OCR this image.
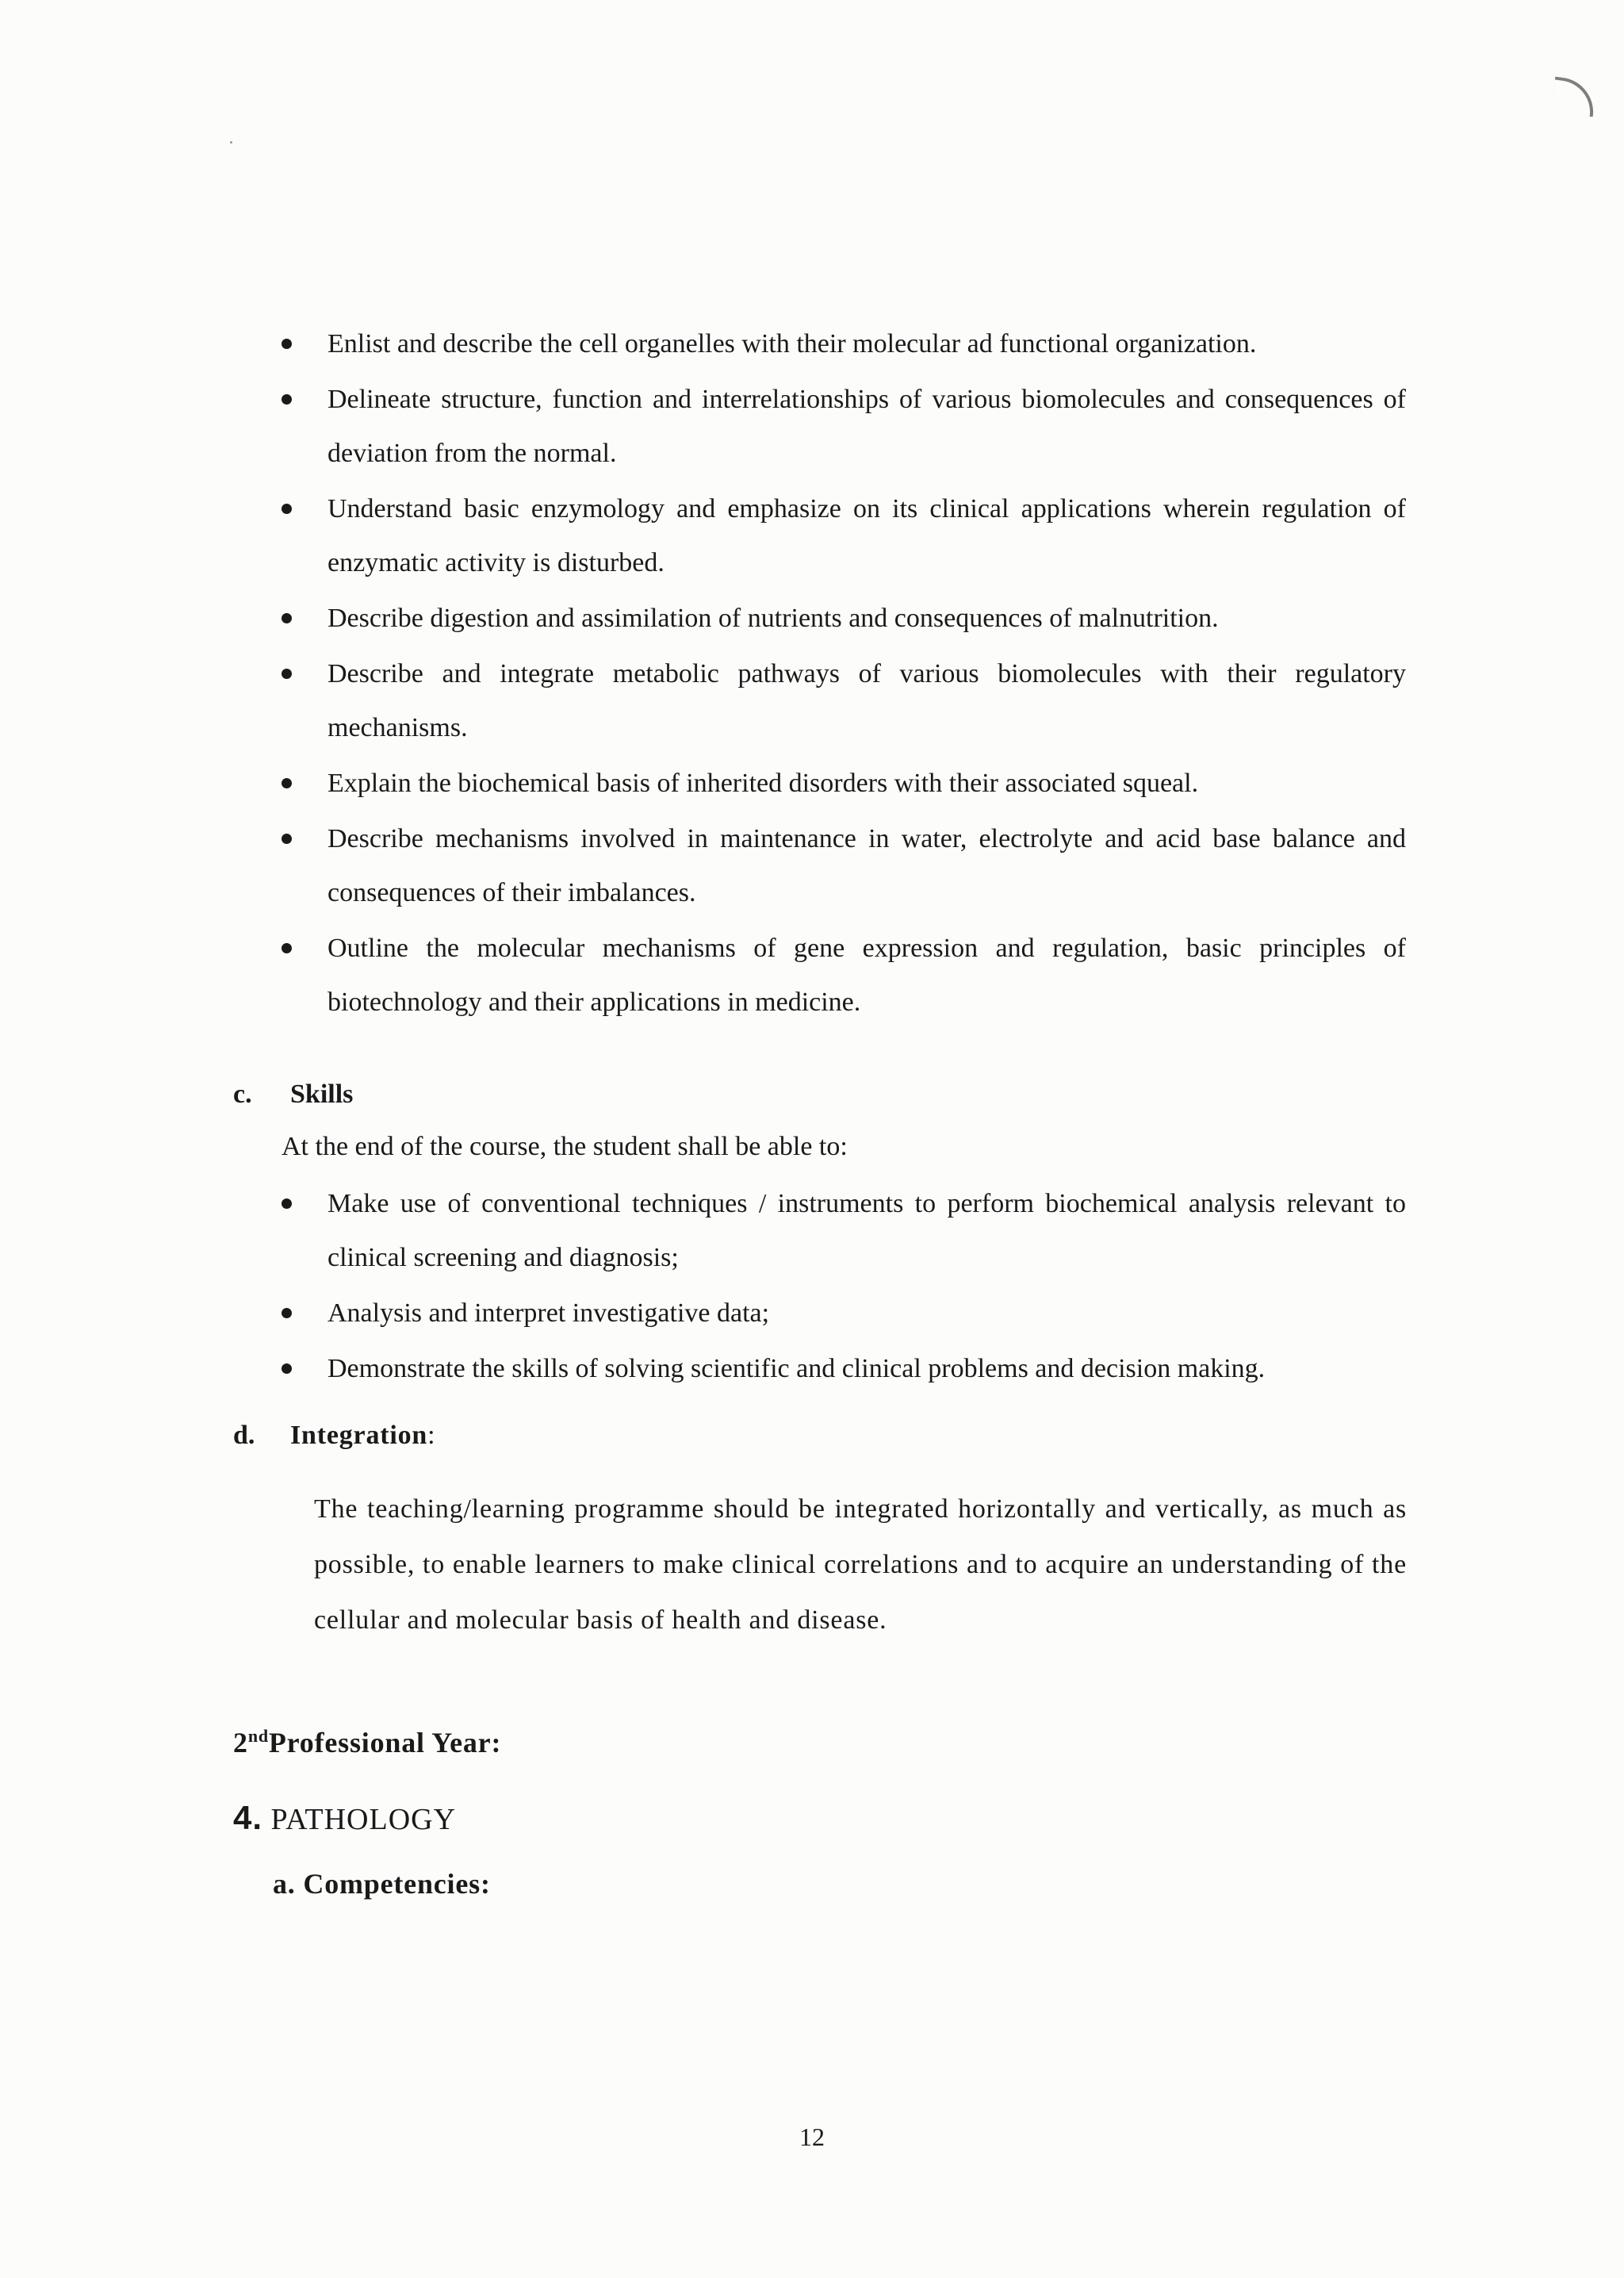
Enlist and describe the cell organelles with their molecular ad functional organization.
Delineate structure, function and interrelationships of various biomolecules and consequences of deviation from the normal.
Understand basic enzymology and emphasize on its clinical applications wherein regulation of enzymatic activity is disturbed.
Describe digestion and assimilation of nutrients and consequences of malnutrition.
Describe and integrate metabolic pathways of various biomolecules with their regulatory mechanisms.
Explain the biochemical basis of inherited disorders with their associated squeal.
Describe mechanisms involved in maintenance in water, electrolyte and acid base balance and consequences of their imbalances.
Outline the molecular mechanisms of gene expression and regulation, basic principles of biotechnology and their applications in medicine.
c. Skills
At the end of the course, the student shall be able to:
Make use of conventional techniques / instruments to perform biochemical analysis relevant to clinical screening and diagnosis;
Analysis and interpret investigative data;
Demonstrate the skills of solving scientific and clinical problems and decision making.
d. Integration:
The teaching/learning programme should be integrated horizontally and vertically, as much as possible, to enable learners to make clinical correlations and to acquire an understanding of the cellular and molecular basis of health and disease.
2ndProfessional Year:
4. PATHOLOGY
a. Competencies:
12
